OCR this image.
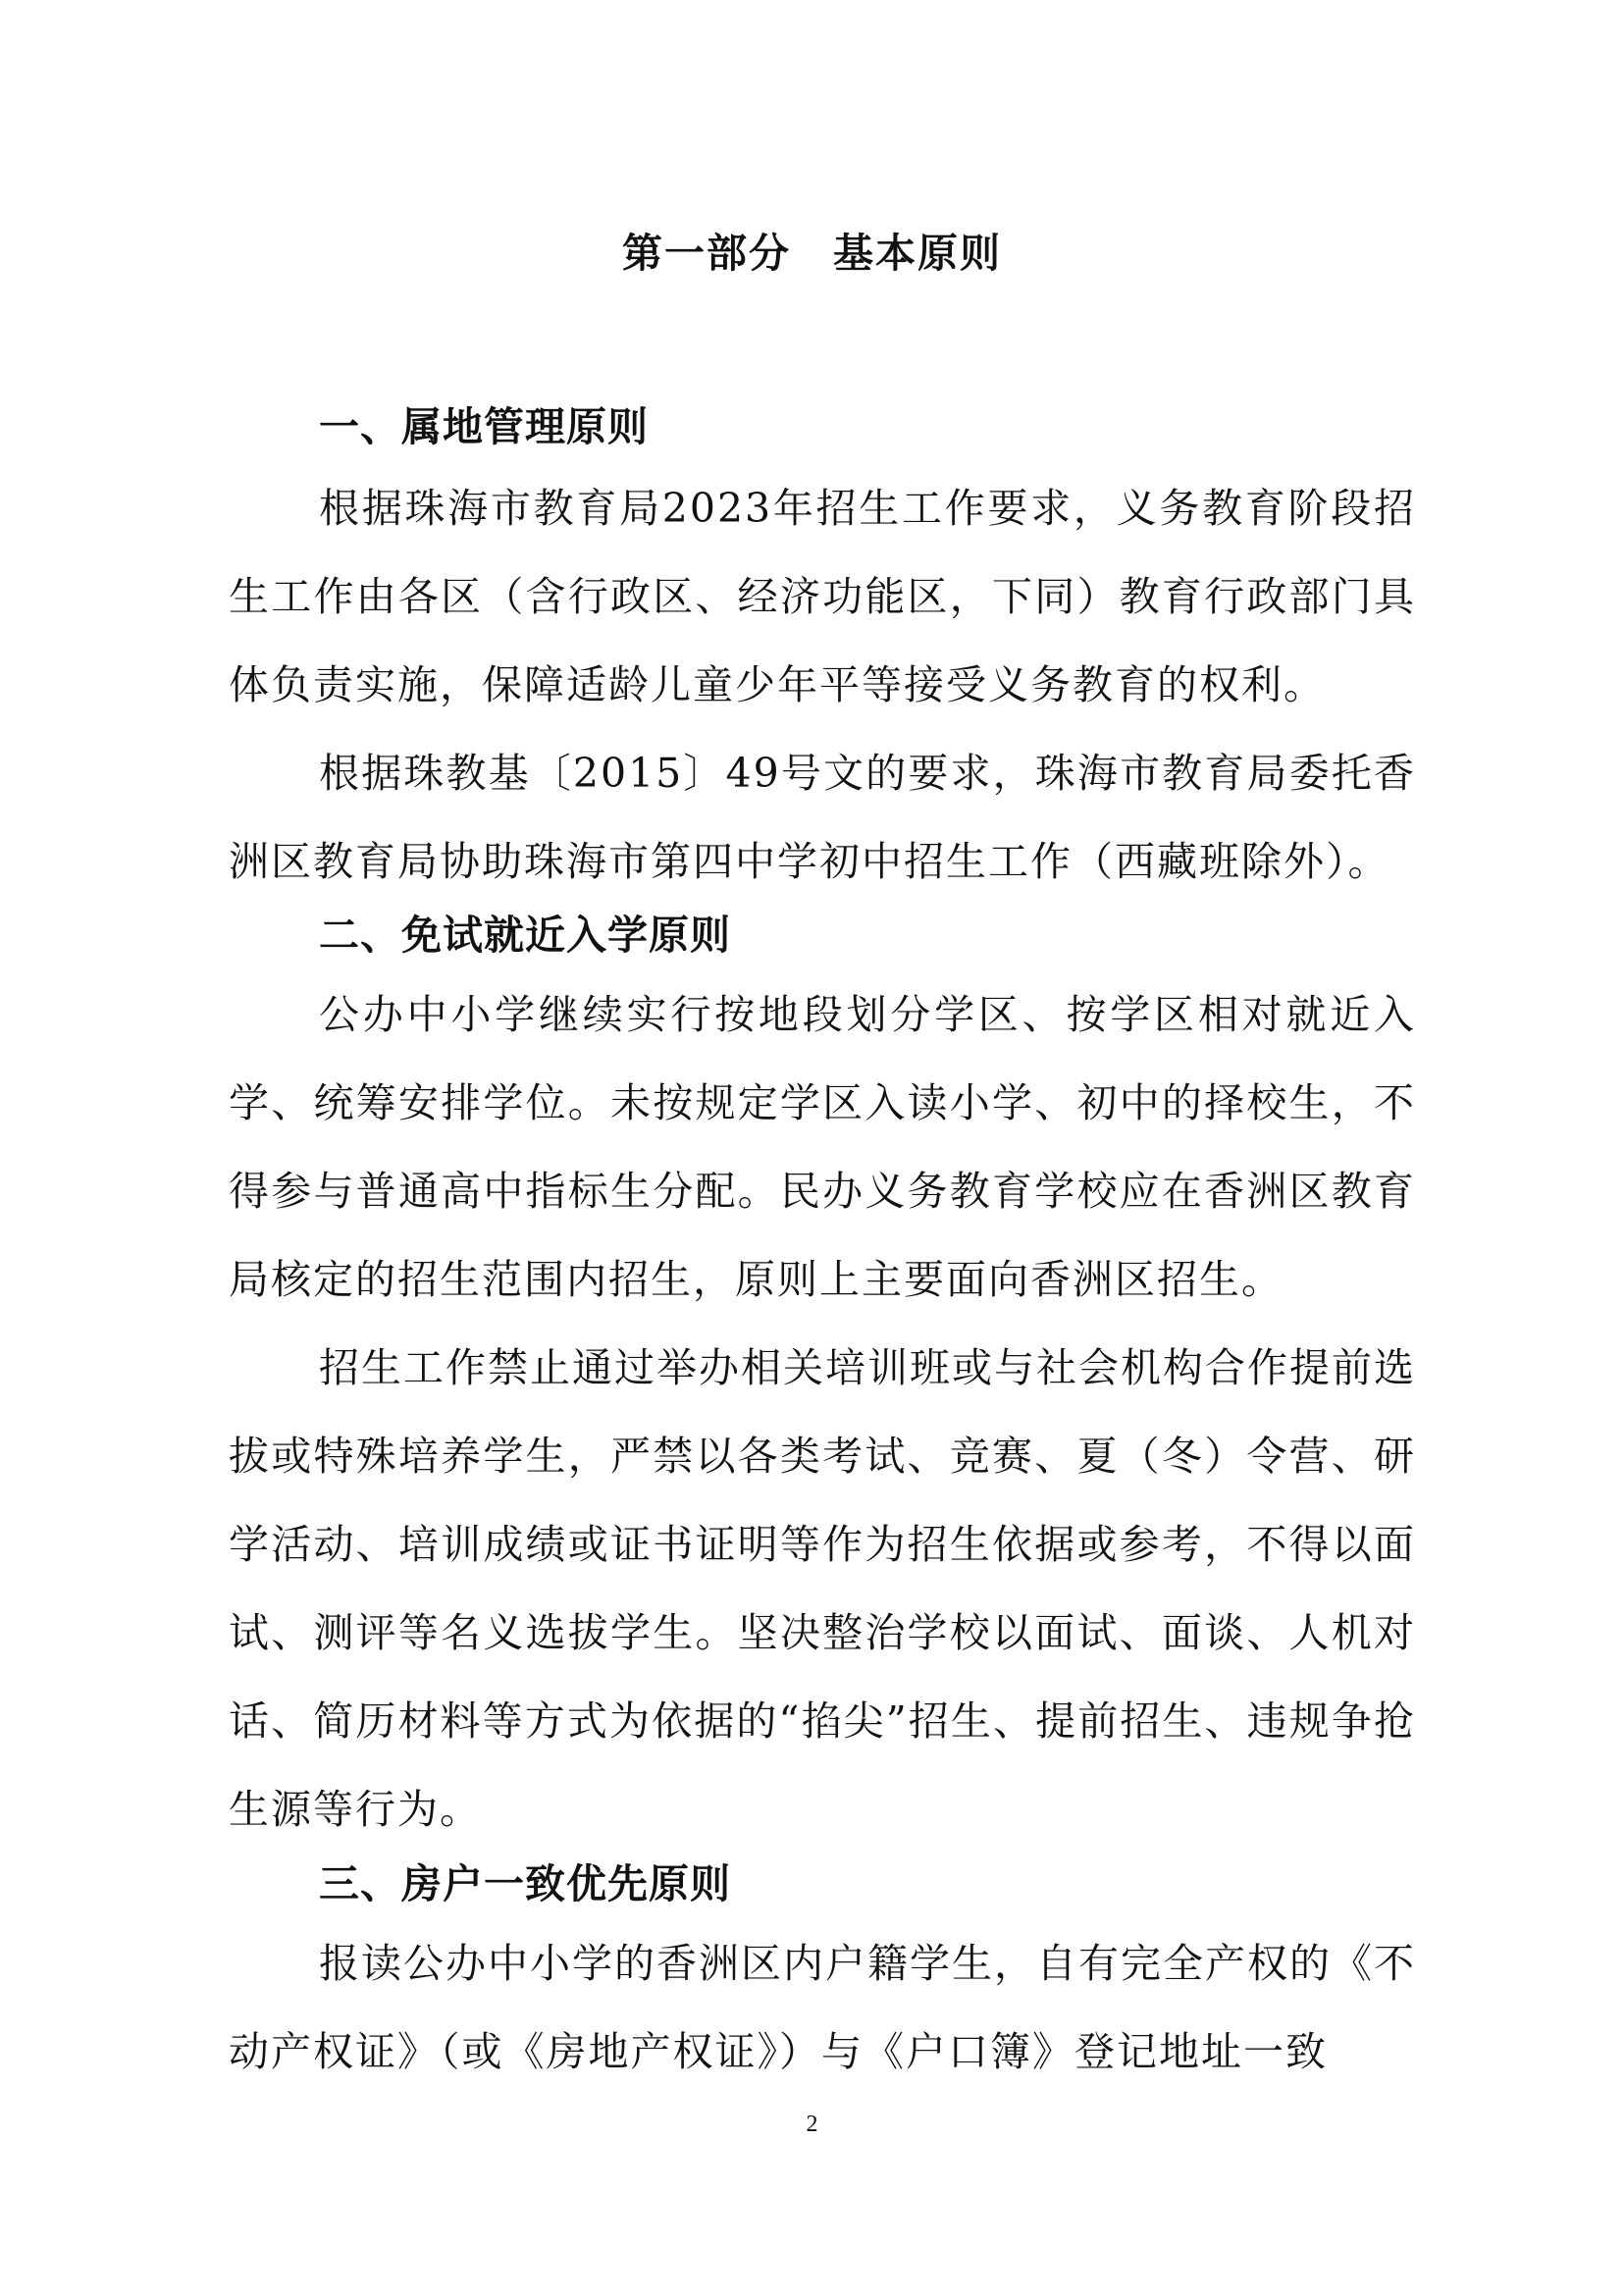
第一部分　基本原则
一、属地管理原则

根据珠海市教育局2023年招生工作要求，义务教育阶段招生工作由各区（含行政区、经济功能区，下同）教育行政部门具体负责实施，保障适龄儿童少年平等接受义务教育的权利。

根据珠教基〔2015〕49号文的要求，珠海市教育局委托香洲区教育局协助珠海市第四中学初中招生工作（西藏班除外）。

二、免试就近入学原则

公办中小学继续实行按地段划分学区、按学区相对就近入学、统筹安排学位。未按规定学区入读小学、初中的择校生，不得参与普通高中指标生分配。民办义务教育学校应在香洲区教育局核定的招生范围内招生，原则上主要面向香洲区招生。

招生工作禁止通过举办相关培训班或与社会机构合作提前选拔或特殊培养学生，严禁以各类考试、竞赛、夏（冬）令营、研学活动、培训成绩或证书证明等作为招生依据或参考，不得以面试、测评等名义选拔学生。坚决整治学校以面试、面谈、人机对话、简历材料等方式为依据的“掐尖”招生、提前招生、违规争抢生源等行为。

三、房户一致优先原则

报读公办中小学的香洲区内户籍学生，自有完全产权的《不动产权证》（或《房地产权证》）与《户口簿》登记地址一致

2
